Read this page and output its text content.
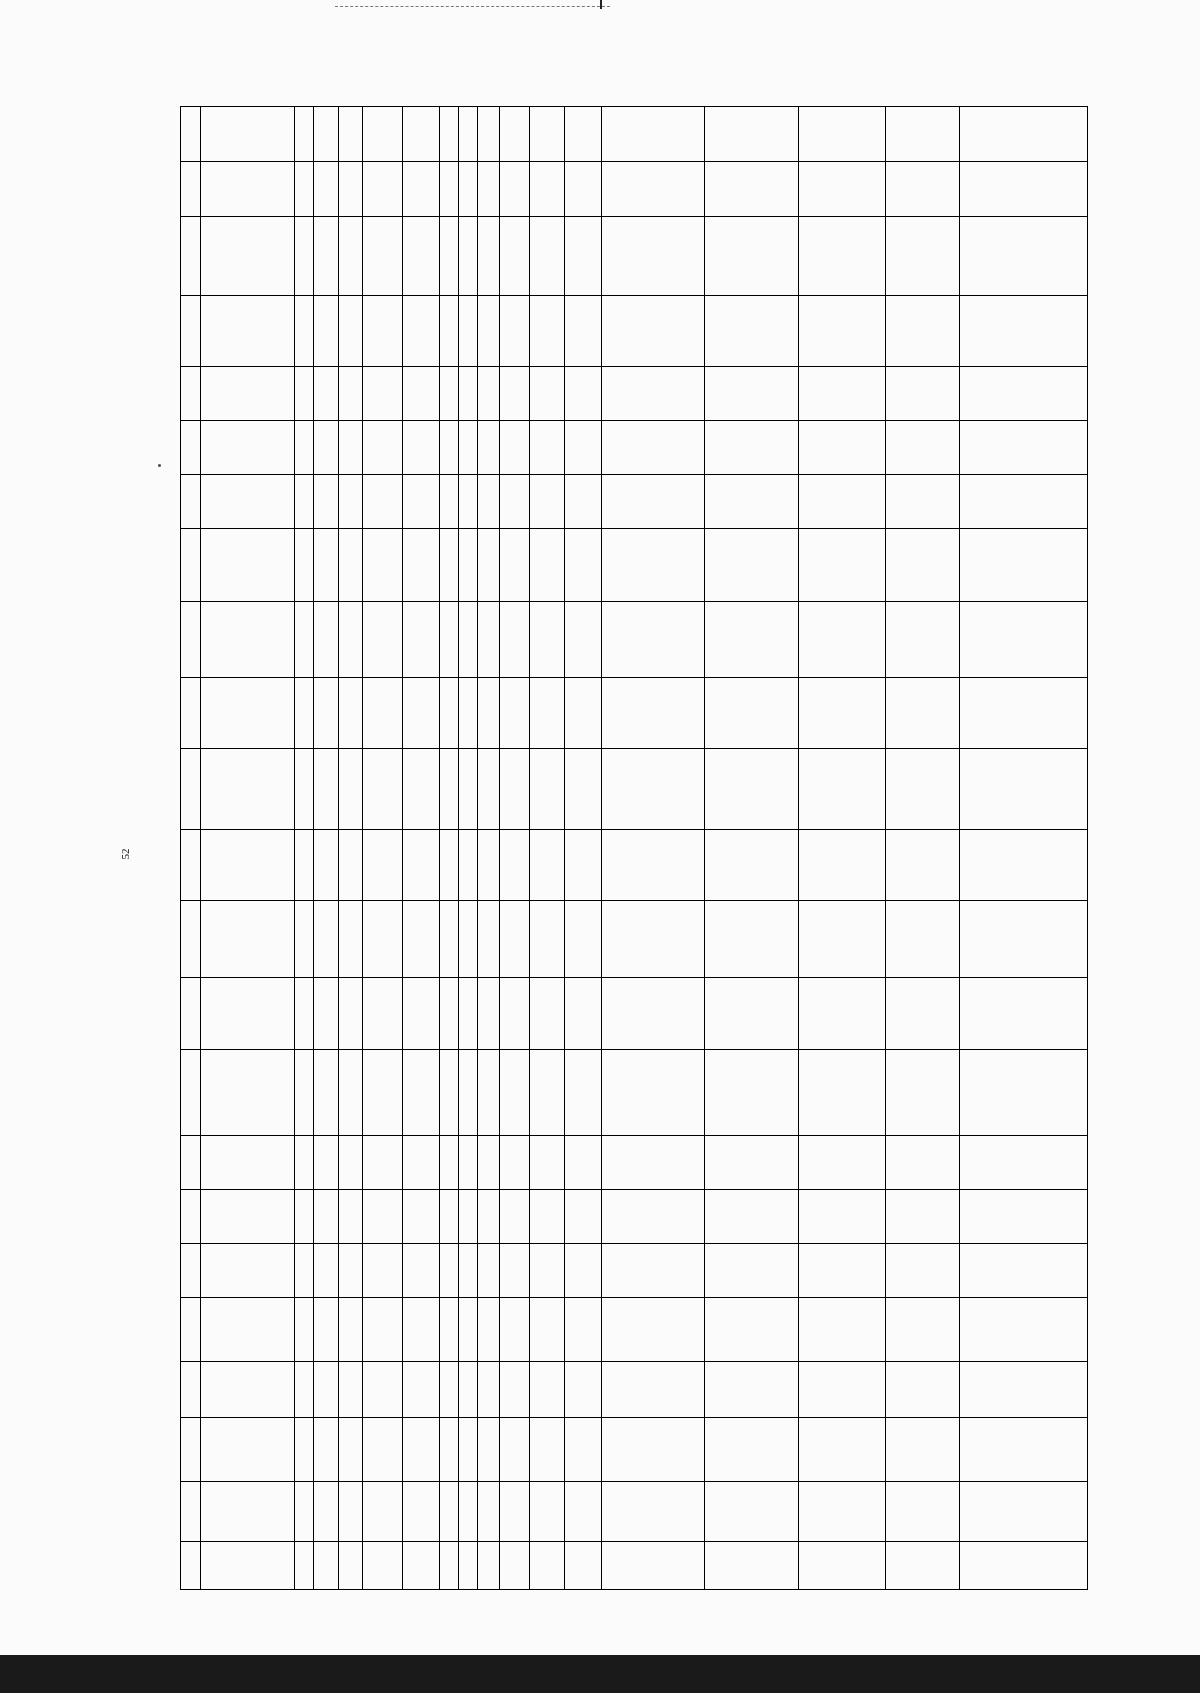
52
